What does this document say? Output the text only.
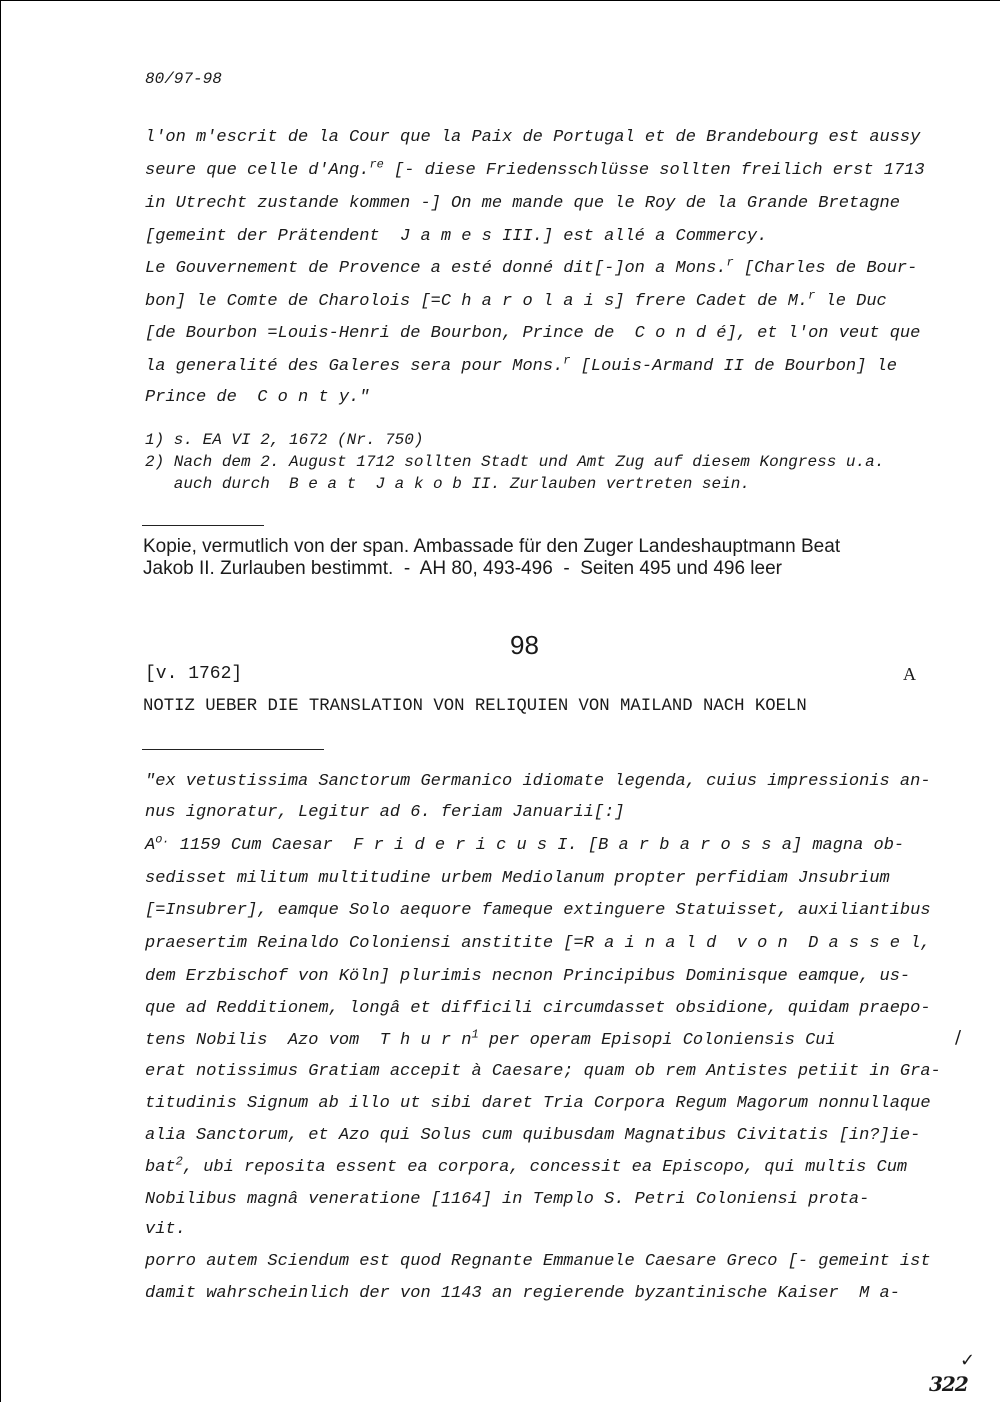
80/97-98
l'on m'escrit de la Cour que la Paix de Portugal et de Brandebourg est aussy
seure que celle d'Ang.$^{re}$ [- diese Friedensschlüsse sollten freilich erst 1713
in Utrecht zustande kommen -] On me mande que le Roy de la Grande Bretagne
[gemeint der Prätendent  J a m e s III.] est allé a Commercy.
Le Gouvernement de Provence a esté donné dit[-]on a Mons.$^r$ [Charles de Bour-
bon] le Comte de Charolois [=C h a r o l a i s] frere Cadet de M.$^r$ le Duc
[de Bourbon =Louis-Henri de Bourbon, Prince de  C o n d é], et l'on veut que
la generalité des Galeres sera pour Mons.$^r$ [Louis-Armand II de Bourbon] le
Prince de  C o n t y."
1) s. EA VI 2, 1672 (Nr. 750)
2) Nach dem 2. August 1712 sollten Stadt und Amt Zug auf diesem Kongress u.a.
auch durch  B e a t  J a k o b II. Zurlauben vertreten sein.
Kopie, vermutlich von der span. Ambassade für den Zuger Landeshauptmann Beat
Jakob II. Zurlauben bestimmt.  -  AH 80, 493-496  -  Seiten 495 und 496 leer
98
[v. 1762]	A
NOTIZ UEBER DIE TRANSLATION VON RELIQUIEN VON MAILAND NACH KOELN
"ex vetustissima Sanctorum Germanico idiomate legenda, cuius impressionis an-
nus ignoratur, Legitur ad 6. feriam Januarii[:]
$A^{o.}$ 1159 Cum Caesar  F r i d e r i c u s I. [B a r b a r o s s a] magna ob-
sedisset militum multitudine urbem Mediolanum propter perfidiam Jnsubrium
[=Insubrer], eamque Solo aequore fameque extinguere Statuisset, auxiliantibus
praesertim Reinaldo Coloniensi anstitite [=R a i n a l d  v o n  D a s s e l,
dem Erzbischof von Köln] plurimis necnon Principibus Dominisque eamque, us-
que ad Redditionem, longâ et difficili circumdasset obsidione, quidam praepo-
tens Nobilis  Azo vom  T h u r $n^1$ per operam Episopi Coloniensis Cui
erat notissimus Gratiam accepit à Caesare; quam ob rem Antistes petiit in Gra-
titudinis Signum ab illo ut sibi daret Tria Corpora Regum Magorum nonnullaque
alia Sanctorum, et Azo qui Solus cum quibusdam Magnatibus Civitatis [in?]ie-
bat$^2$, ubi reposita essent ea corpora, concessit ea Episcopo, qui multis Cum
Nobilibus magnâ veneratione [1164] in Templo S. Petri Coloniensi prota-
vit.
porro autem Sciendum est quod Regnante Emmanuele Caesare Greco [- gemeint ist
damit wahrscheinlich der von 1143 an regierende byzantinische Kaiser  M a-
/
✓
322
